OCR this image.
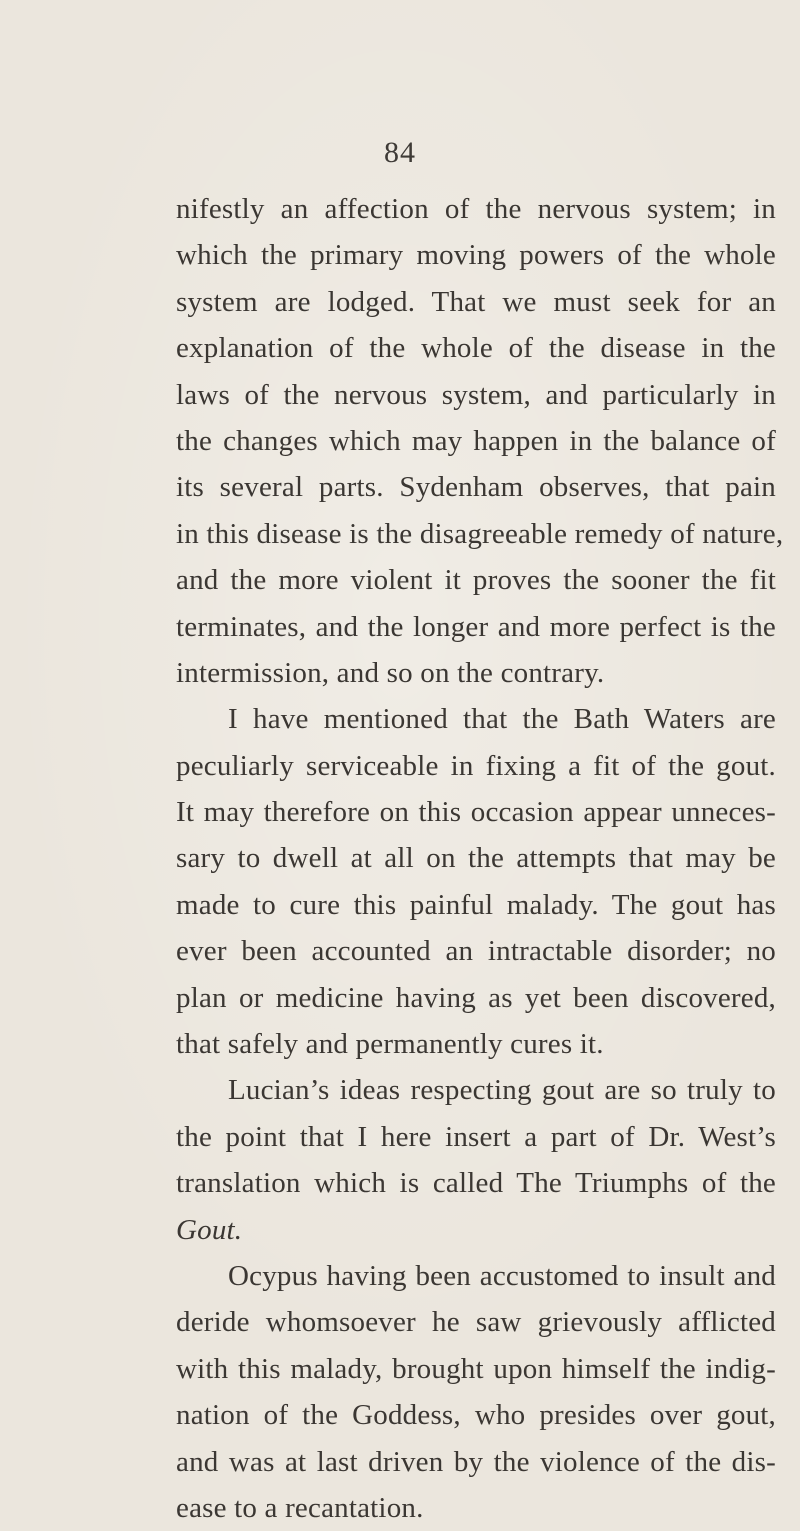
84
nifestly an affection of the nervous system; in
which the primary moving powers of the whole
system are lodged. That we must seek for an
explanation of the whole of the disease in the
laws of the nervous system, and particularly in
the changes which may happen in the balance of
its several parts. Sydenham observes, that pain
in this disease is the disagreeable remedy of nature,
and the more violent it proves the sooner the fit
terminates, and the longer and more perfect is the
intermission, and so on the contrary.
I have mentioned that the Bath Waters are
peculiarly serviceable in fixing a fit of the gout.
It may therefore on this occasion appear unneces-
sary to dwell at all on the attempts that may be
made to cure this painful malady. The gout has
ever been accounted an intractable disorder; no
plan or medicine having as yet been discovered,
that safely and permanently cures it.
Lucian’s ideas respecting gout are so truly to
the point that I here insert a part of Dr. West’s
translation which is called The Triumphs of the
Gout.
Ocypus having been accustomed to insult and
deride whomsoever he saw grievously afflicted
with this malady, brought upon himself the indig-
nation of the Goddess, who presides over gout,
and was at last driven by the violence of the dis-
ease to a recantation.
